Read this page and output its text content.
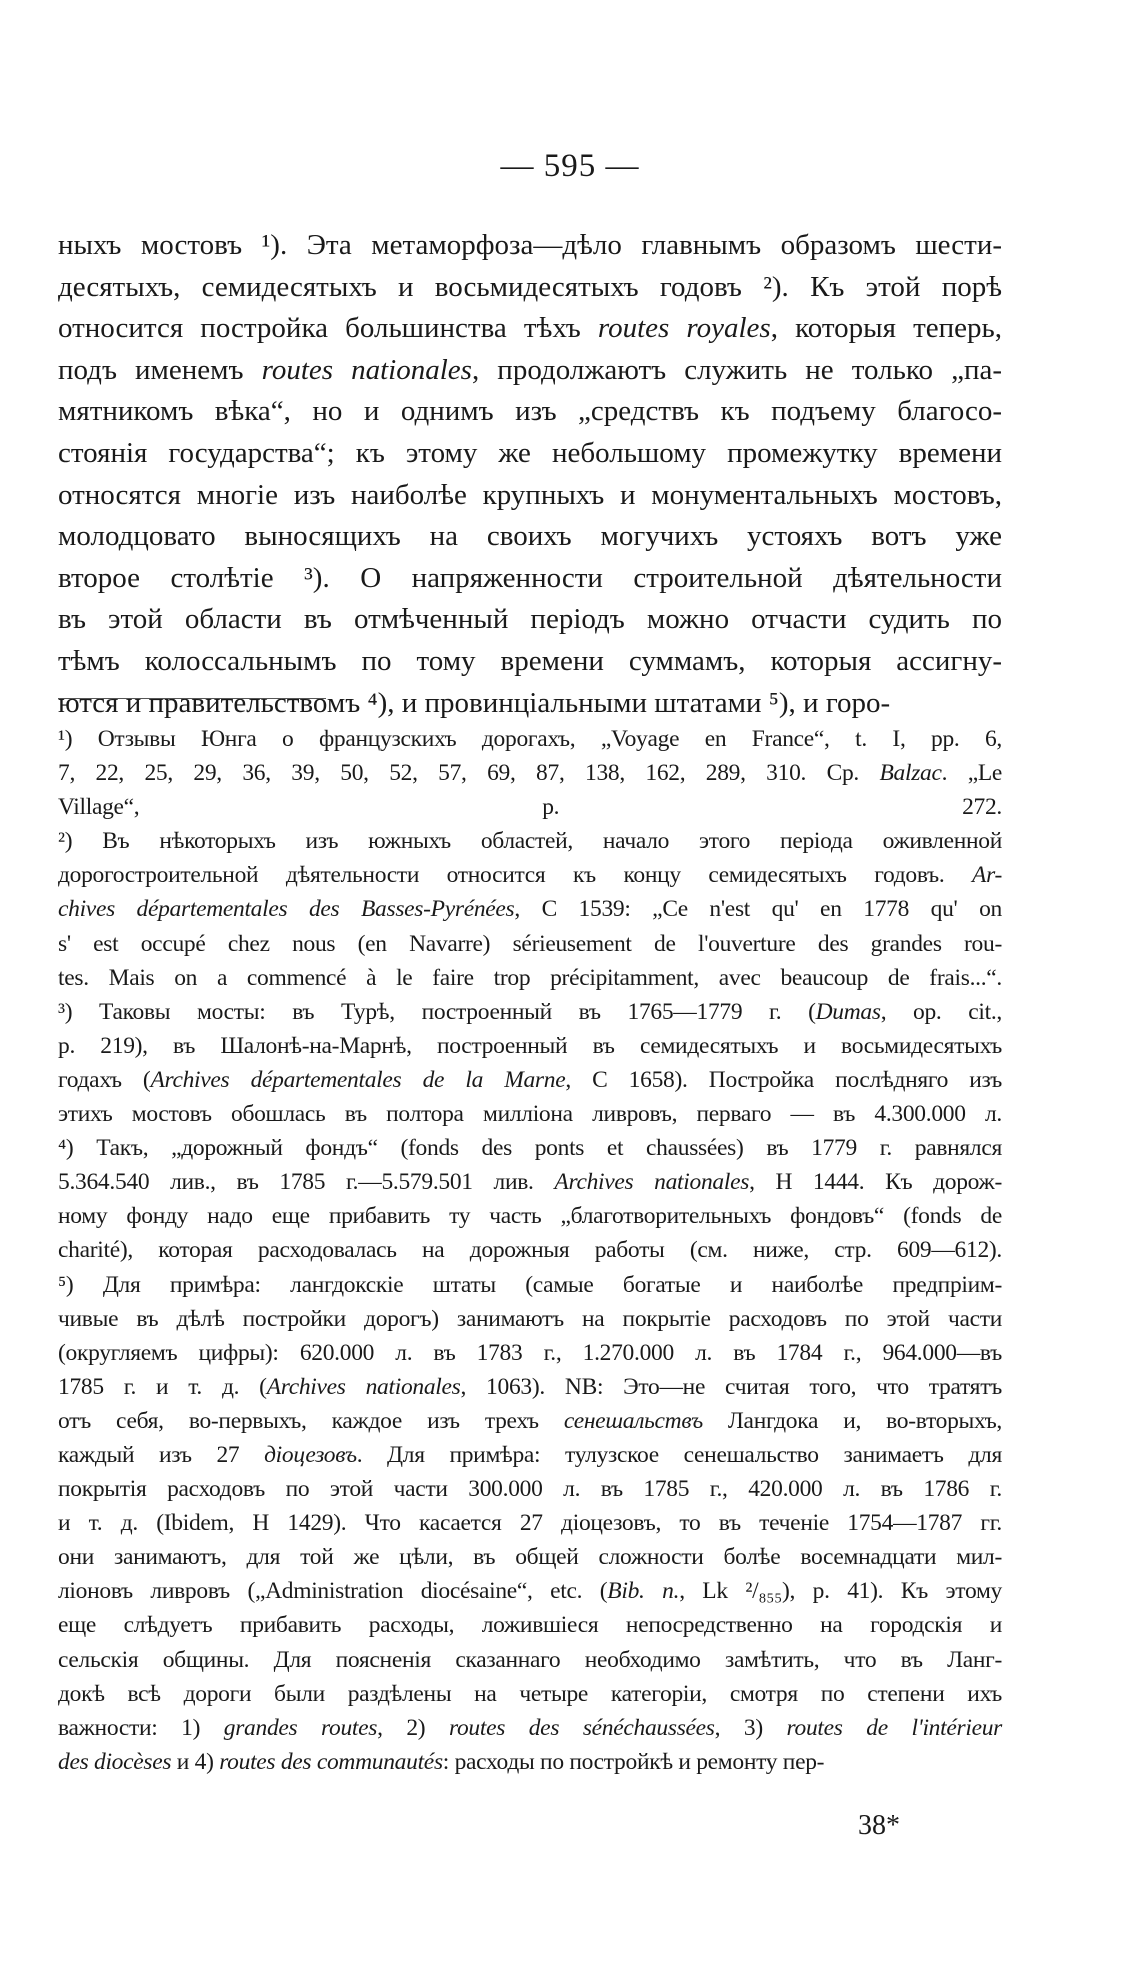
— 595 —
ныхъ мостовъ ¹). Эта метаморфоза—дѣло главнымъ образомъ шести-
десятыхъ, семидесятыхъ и восьмидесятыхъ годовъ ²). Къ этой порѣ
относится постройка большинства тѣхъ routes royales, которыя теперь,
подъ именемъ routes nationales, продолжаютъ служить не только „па-
мятникомъ вѣка“, но и однимъ изъ „средствъ къ подъему благосо-
стоянія государства“; къ этому же небольшому промежутку времени
относятся многіе изъ наиболѣе крупныхъ и монументальныхъ мостовъ,
молодцовато выносящихъ на своихъ могучихъ устояхъ вотъ уже
второе столѣтіе ³). О напряженности строительной дѣятельности
въ этой области въ отмѣченный періодъ можно отчасти судить по
тѣмъ колоссальнымъ по тому времени суммамъ, которыя ассигну-
ются и правительствомъ ⁴), и провинціальными штатами ⁵), и горо-
¹) Отзывы Юнга о французскихъ дорогахъ, „Voyage en France“, t. I, pp. 6,
7, 22, 25, 29, 36, 39, 50, 52, 57, 69, 87, 138, 162, 289, 310. Ср. Balzac. „Le
Village“, p. 272.
²) Въ нѣкоторыхъ изъ южныхъ областей, начало этого періода оживленной
дорогостроительной дѣятельности относится къ концу семидесятыхъ годовъ. Ar-
chives départementales des Basses-Pyrénées, C 1539: „Ce n'est qu' en 1778 qu' on
s' est occupé chez nous (en Navarre) sérieusement de l'ouverture des grandes rou-
tes. Mais on a commencé à le faire trop précipitamment, avec beaucoup de frais...“.
³) Таковы мосты: въ Турѣ, построенный въ 1765—1779 г. (Dumas, op. cit.,
p. 219), въ Шалонѣ-на-Марнѣ, построенный въ семидесятыхъ и восьмидесятыхъ
годахъ (Archives départementales de la Marne, C 1658). Постройка послѣдняго изъ
этихъ мостовъ обошлась въ полтора милліона ливровъ, перваго — въ 4.300.000 л.
⁴) Такъ, „дорожный фондъ“ (fonds des ponts et chaussées) въ 1779 г. равнялся
5.364.540 лив., въ 1785 г.—5.579.501 лив. Archives nationales, H 1444. Къ дорож-
ному фонду надо еще прибавить ту часть „благотворительныхъ фондовъ“ (fonds de
charité), которая расходовалась на дорожныя работы (см. ниже, стр. 609—612).
⁵) Для примѣра: лангдокскіе штаты (самые богатые и наиболѣе предпріим-
чивые въ дѣлѣ постройки дорогъ) занимаютъ на покрытіе расходовъ по этой части
(округляемъ цифры): 620.000 л. въ 1783 г., 1.270.000 л. въ 1784 г., 964.000—въ
1785 г. и т. д. (Archives nationales, 1063). NB: Это—не считая того, что тратятъ
отъ себя, во-первыхъ, каждое изъ трехъ сенешальствъ Лангдока и, во-вторыхъ,
каждый изъ 27 діоцезовъ. Для примѣра: тулузское сенешальство занимаетъ для
покрытія расходовъ по этой части 300.000 л. въ 1785 г., 420.000 л. въ 1786 г.
и т. д. (Ibidem, H 1429). Что касается 27 діоцезовъ, то въ теченіе 1754—1787 гг.
они занимаютъ, для той же цѣли, въ общей сложности болѣе восемнадцати мил-
ліоновъ ливровъ („Administration diocésaine“, etc. (Bib. n., Lk ²/₈₅₅), p. 41). Къ этому
еще слѣдуетъ прибавить расходы, ложившіеся непосредственно на городскія и
сельскія общины. Для поясненія сказаннаго необходимо замѣтить, что въ Ланг-
докѣ всѣ дороги были раздѣлены на четыре категоріи, смотря по степени ихъ
важности: 1) grandes routes, 2) routes des sénéchaussées, 3) routes de l'intérieur
des diocèses и 4) routes des communautés: расходы по постройкѣ и ремонту пер-
38*
